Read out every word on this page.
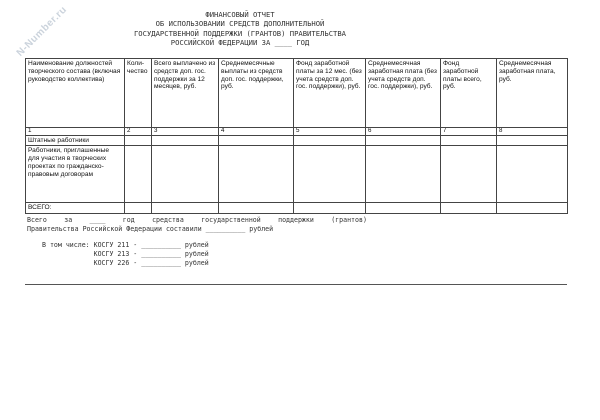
N-Number.ru	ФИНАНСОВЫЙ ОТЧЕТ
ОБ ИСПОЛЬЗОВАНИИ СРЕДСТВ ДОПОЛНИТЕЛЬНОЙ
ГОСУДАРСТВЕННОЙ ПОДДЕРЖКИ (ГРАНТОВ) ПРАВИТЕЛЬСТВА
РОССИЙСКОЙ ФЕДЕРАЦИИ ЗА ____ ГОД
Наименование должностей творческого состава (включая руководство коллектива)	Коли-чество	Всего выплачено из средств доп. гос. поддержки за 12 месяцев, руб.	Среднемесячные выплаты из средств доп. гос. поддержки, руб.	Фонд заработной платы за 12 мес. (без учета средств доп. гос. поддержки), руб.	Среднемесячная заработная плата (без учета средств доп. гос. поддержки), руб.	Фонд заработной платы всего, руб.	Среднемесячная заработная плата, руб.
1	2	3	4	5	6	7	8
Штатные работники							
Работники, приглашенные для участия в творческих проектах по гражданско-правовым договорам							
ВСЕГО:							
Всего	за	____	год	средства	государственной	поддержки	(грантов)
Правительства Российской Федерации составили __________ рублей
В том числе: КОСГУ 211 - __________ рублей
КОСГУ 213 - __________ рублей
КОСГУ 226 - __________ рублей
